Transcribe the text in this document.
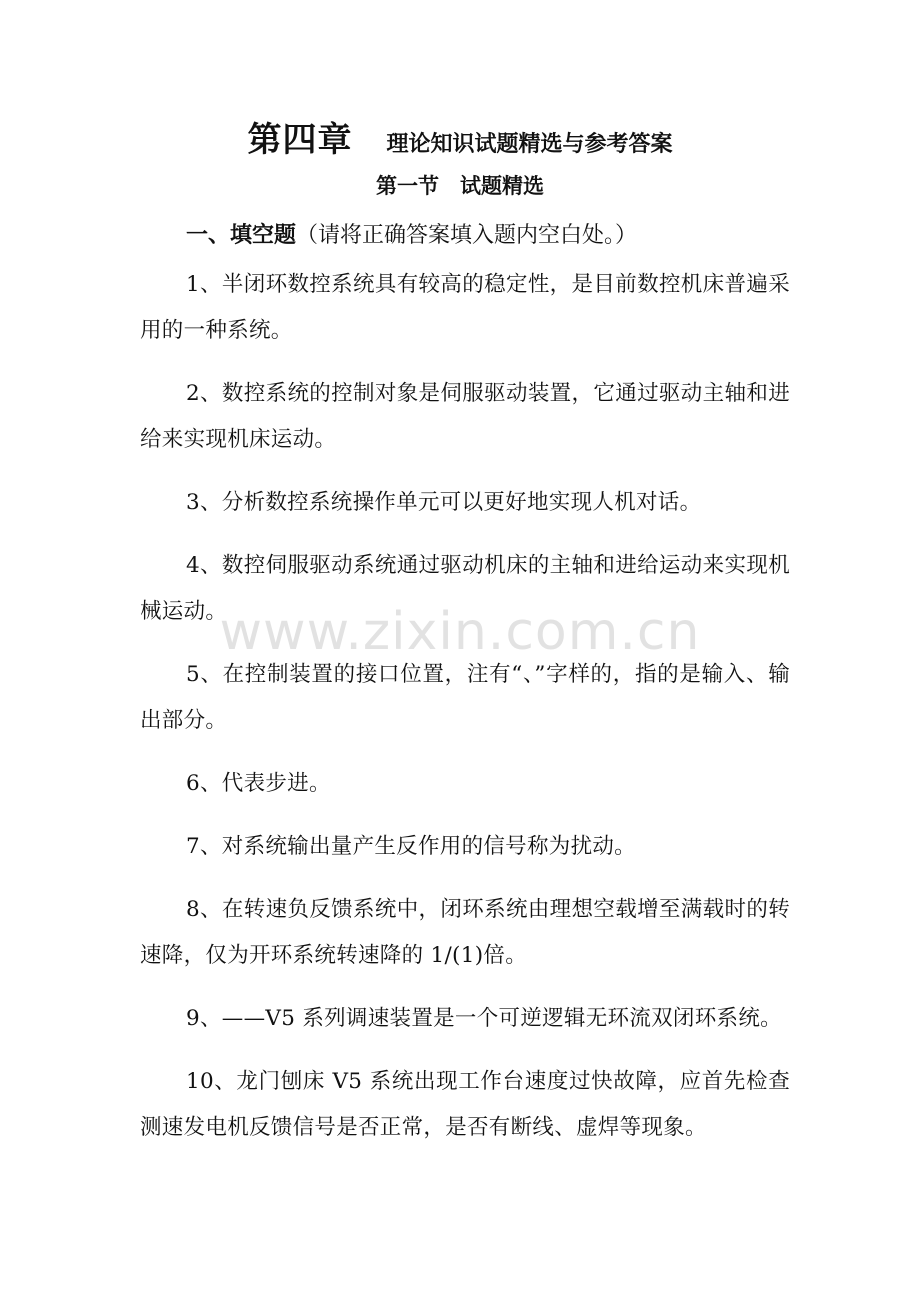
第四章 理论知识试题精选与参考答案
第一节　试题精选
一、填空题（请将正确答案填入题内空白处。）
1、半闭环数控系统具有较高的稳定性，是目前数控机床普遍采用的一种系统。
2、数控系统的控制对象是伺服驱动装置，它通过驱动主轴和进给来实现机床运动。
3、分析数控系统操作单元可以更好地实现人机对话。
4、数控伺服驱动系统通过驱动机床的主轴和进给运动来实现机械运动。
5、在控制装置的接口位置，注有“、”字样的，指的是输入、输出部分。
6、代表步进。
7、对系统输出量产生反作用的信号称为扰动。
8、在转速负反馈系统中，闭环系统由理想空载增至满载时的转速降，仅为开环系统转速降的 1/(1)倍。
9、——V5 系列调速装置是一个可逆逻辑无环流双闭环系统。
10、龙门刨床 V5 系统出现工作台速度过快故障，应首先检查测速发电机反馈信号是否正常，是否有断线、虚焊等现象。
www.zixin.com.cn
